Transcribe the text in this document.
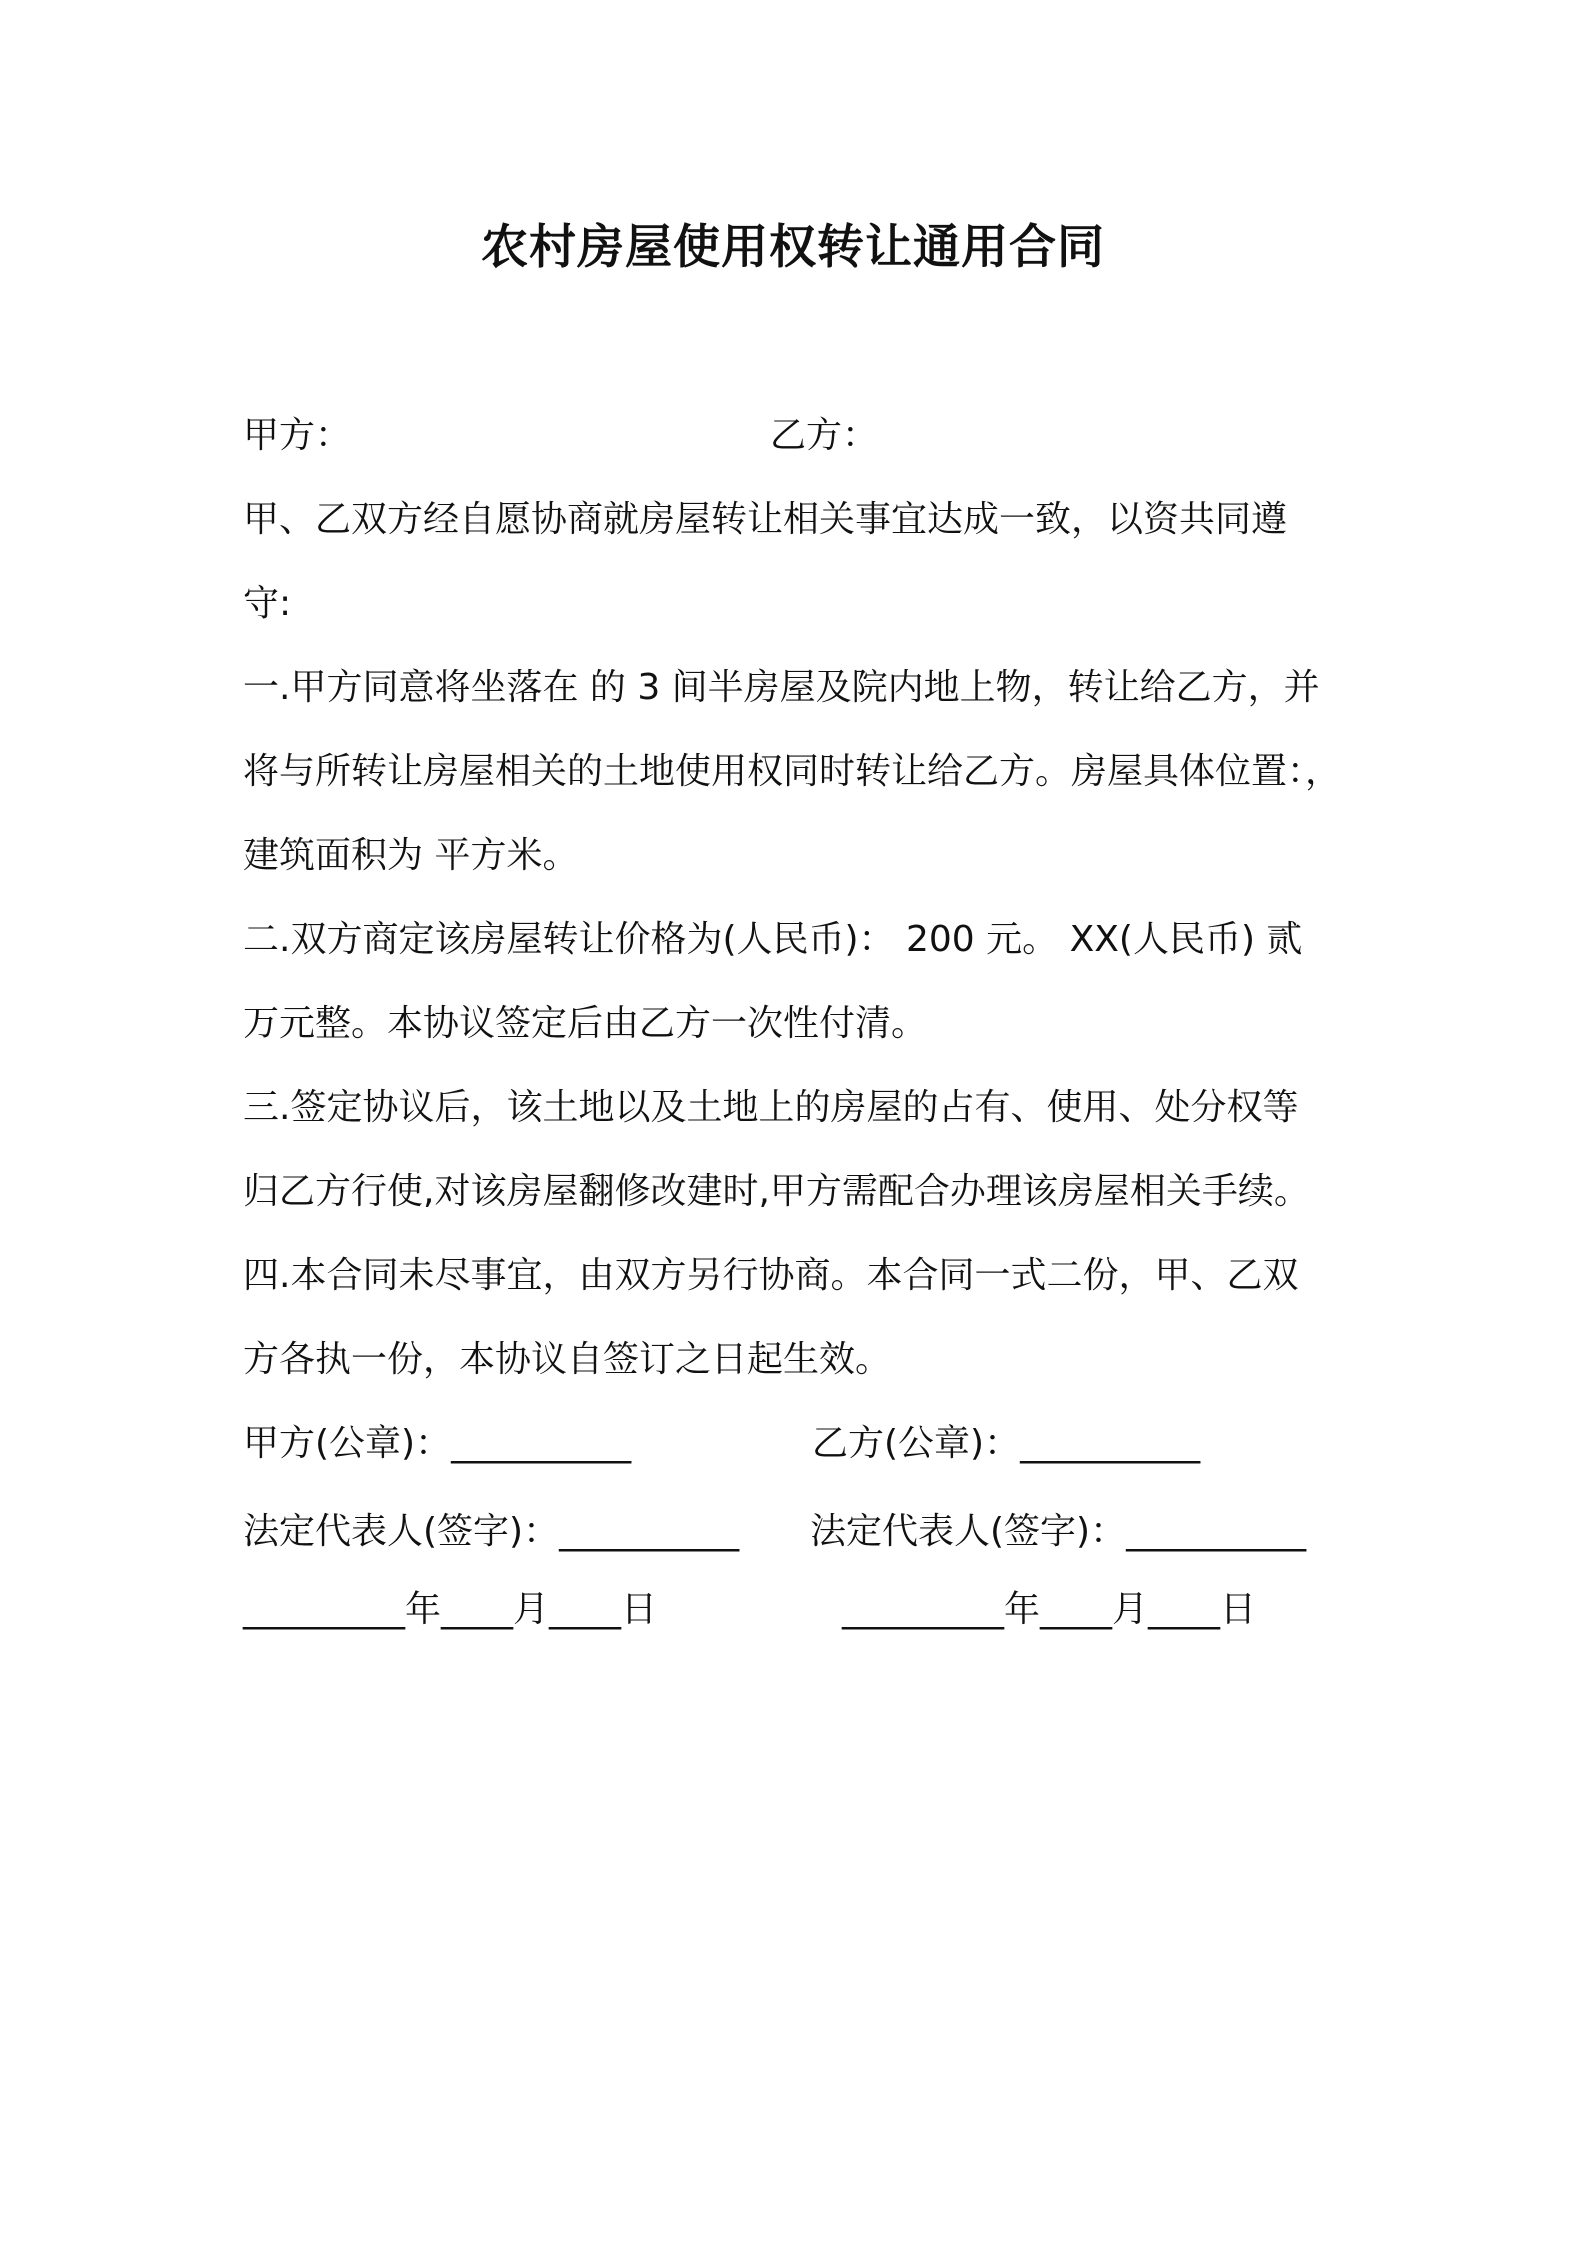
农村房屋使用权转让通用合同
甲方：	乙方：
甲、乙双方经自愿协商就房屋转让相关事宜达成一致，以资共同遵
守:
一.甲方同意将坐落在 的 3 间半房屋及院内地上物，转让给乙方，并
将与所转让房屋相关的土地使用权同时转让给乙方。房屋具体位置：，
建筑面积为 平方米。
二.双方商定该房屋转让价格为(人民币)： 200 元。 XX(人民币) 贰
万元整。本协议签定后由乙方一次性付清。
三.签定协议后，该土地以及土地上的房屋的占有、使用、处分权等
归乙方行使,对该房屋翻修改建时,甲方需配合办理该房屋相关手续。
四.本合同未尽事宜，由双方另行协商。本合同一式二份，甲、乙双
方各执一份，本协议自签订之日起生效。
甲方(公章)：__________	乙方(公章)：__________
法定代表人(签字)：__________ 法定代表人(签字)：__________
_________年____月____日	_________年____月____日
